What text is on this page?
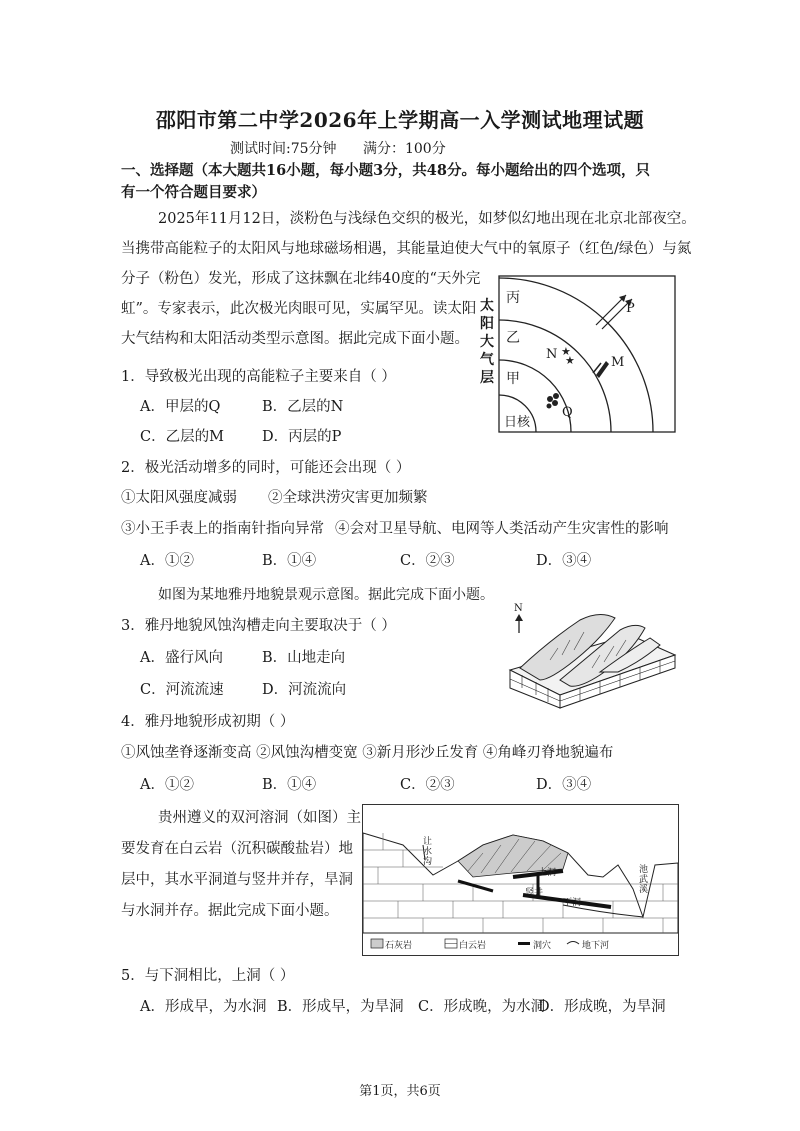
邵阳市第二中学2026年上学期高一入学测试地理试题
测试时间:75分钟 满分：100分
一、选择题（本大题共16小题，每小题3分，共48分。每小题给出的四个选项，只有一个符合题目要求）
2025年11月12日，淡粉色与浅绿色交织的极光，如梦似幻地出现在北京北部夜空。
当携带高能粒子的太阳风与地球磁场相遇，其能量迫使大气中的氧原子（红色/绿色）与氮
分子（粉色）发光，形成了这抹飘在北纬40度的“天外完
虹”。专家表示，此次极光肉眼可见，实属罕见。读太阳
大气结构和太阳活动类型示意图。据此完成下面小题。
★
★
太阳大气层
丙
乙
甲
日核
P
N
M
Q
1．导致极光出现的高能粒子主要来自（ ）
A．甲层的Q	B．乙层的N
C．乙层的M	D．丙层的P
2．极光活动增多的同时，可能还会出现（ ）
①太阳风强度减弱 ②全球洪涝灾害更加频繁
③小王手表上的指南针指向异常 ④会对卫星导航、电网等人类活动产生灾害性的影响
A．①②	B．①④	C．②③	D．③④
如图为某地雅丹地貌景观示意图。据此完成下面小题。
3．雅丹地貌风蚀沟槽走向主要取决于（ ）
A．盛行风向	B．山地走向
C．河流流速	D．河流流向
N
4．雅丹地貌形成初期（ ）
①风蚀垄脊逐渐变高 ②风蚀沟槽变宽 ③新月形沙丘发育 ④角峰刃脊地貌遍布
A．①②	B．①④	C．②③	D．③④
贵州遵义的双河溶洞（如图）主
要发育在白云岩（沉积碳酸盐岩）地
层中，其水平洞道与竖井并存，旱洞
与水洞并存。据此完成下面小题。
让水沟
池武溪
上洞
竖井
下洞
石灰岩	白云岩	洞穴	地下河
5．与下洞相比，上洞（ ）
A．形成早，为水洞 B．形成早，为旱洞 C．形成晚，为水洞
D．形成晚，为旱洞
第1页，共6页
